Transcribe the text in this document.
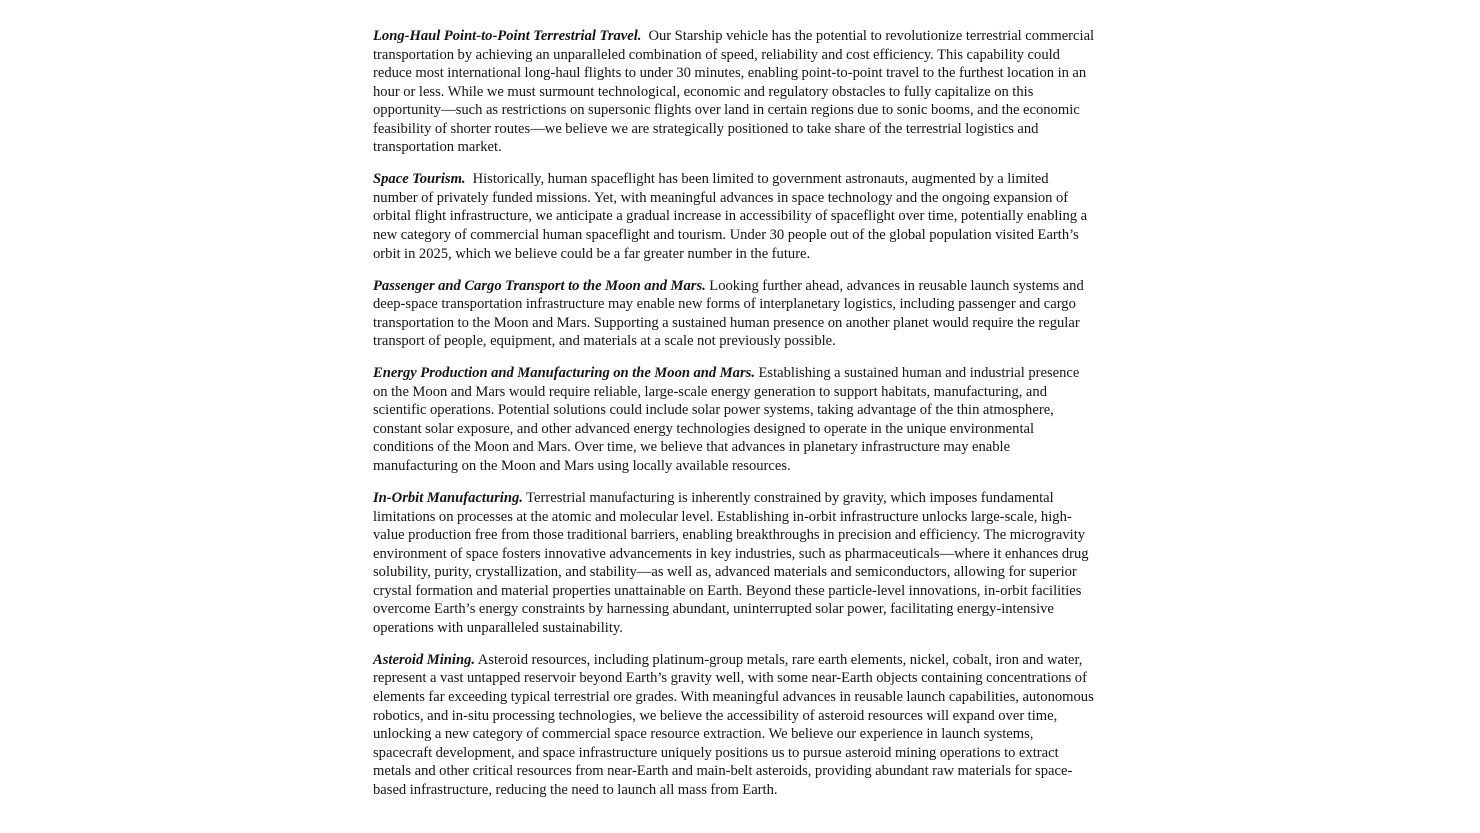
Long-Haul Point-to-Point Terrestrial Travel. Our Starship vehicle has the potential to revolutionize terrestrial commercial transportation by achieving an unparalleled combination of speed, reliability and cost efficiency. This capability could reduce most international long-haul flights to under 30 minutes, enabling point-to-point travel to the furthest location in an hour or less. While we must surmount technological, economic and regulatory obstacles to fully capitalize on this opportunity—such as restrictions on supersonic flights over land in certain regions due to sonic booms, and the economic feasibility of shorter routes—we believe we are strategically positioned to take share of the terrestrial logistics and transportation market.

Space Tourism. Historically, human spaceflight has been limited to government astronauts, augmented by a limited number of privately funded missions. Yet, with meaningful advances in space technology and the ongoing expansion of orbital flight infrastructure, we anticipate a gradual increase in accessibility of spaceflight over time, potentially enabling a new category of commercial human spaceflight and tourism. Under 30 people out of the global population visited Earth’s orbit in 2025, which we believe could be a far greater number in the future.

Passenger and Cargo Transport to the Moon and Mars. Looking further ahead, advances in reusable launch systems and deep-space transportation infrastructure may enable new forms of interplanetary logistics, including passenger and cargo transportation to the Moon and Mars. Supporting a sustained human presence on another planet would require the regular transport of people, equipment, and materials at a scale not previously possible.

Energy Production and Manufacturing on the Moon and Mars. Establishing a sustained human and industrial presence on the Moon and Mars would require reliable, large-scale energy generation to support habitats, manufacturing, and scientific operations. Potential solutions could include solar power systems, taking advantage of the thin atmosphere, constant solar exposure, and other advanced energy technologies designed to operate in the unique environmental conditions of the Moon and Mars. Over time, we believe that advances in planetary infrastructure may enable manufacturing on the Moon and Mars using locally available resources.

In-Orbit Manufacturing. Terrestrial manufacturing is inherently constrained by gravity, which imposes fundamental limitations on processes at the atomic and molecular level. Establishing in-orbit infrastructure unlocks large-scale, high-value production free from those traditional barriers, enabling breakthroughs in precision and efficiency. The microgravity environment of space fosters innovative advancements in key industries, such as pharmaceuticals—where it enhances drug solubility, purity, crystallization, and stability—as well as, advanced materials and semiconductors, allowing for superior crystal formation and material properties unattainable on Earth. Beyond these particle-level innovations, in-orbit facilities overcome Earth’s energy constraints by harnessing abundant, uninterrupted solar power, facilitating energy-intensive operations with unparalleled sustainability.

Asteroid Mining. Asteroid resources, including platinum-group metals, rare earth elements, nickel, cobalt, iron and water, represent a vast untapped reservoir beyond Earth’s gravity well, with some near-Earth objects containing concentrations of elements far exceeding typical terrestrial ore grades. With meaningful advances in reusable launch capabilities, autonomous robotics, and in-situ processing technologies, we believe the accessibility of asteroid resources will expand over time, unlocking a new category of commercial space resource extraction. We believe our experience in launch systems, spacecraft development, and space infrastructure uniquely positions us to pursue asteroid mining operations to extract metals and other critical resources from near-Earth and main-belt asteroids, providing abundant raw materials for space-based infrastructure, reducing the need to launch all mass from Earth.
